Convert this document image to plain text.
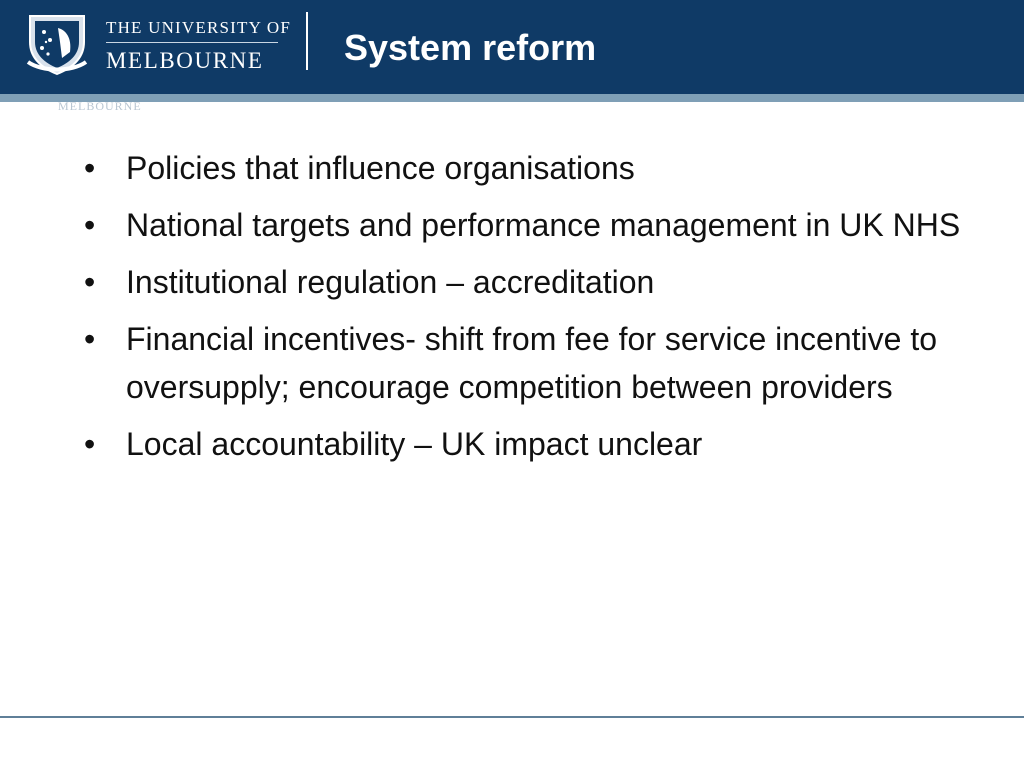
THE UNIVERSITY OF
MELBOURNE System reform
MELBOURNE
• Policies that influence organisations
• National targets and performance management in UK NHS
• Institutional regulation – accreditation
• Financial incentives- shift from fee for service incentive to oversupply; encourage competition between providers
• Local accountability – UK impact unclear
